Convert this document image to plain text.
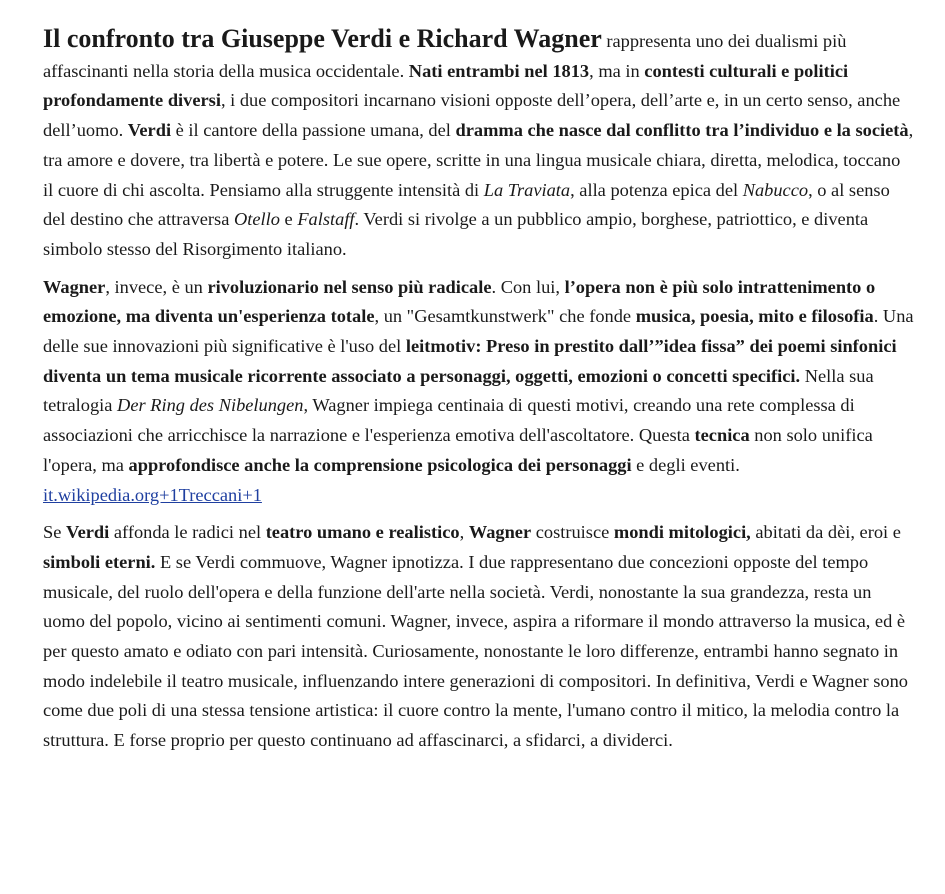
Il confronto tra Giuseppe Verdi e Richard Wagner rappresenta uno dei dualismi più affascinanti nella storia della musica occidentale. Nati entrambi nel 1813, ma in contesti culturali e politici profondamente diversi, i due compositori incarnano visioni opposte dell’opera, dell’arte e, in un certo senso, anche dell’uomo. Verdi è il cantore della passione umana, del dramma che nasce dal conflitto tra l’individuo e la società, tra amore e dovere, tra libertà e potere. Le sue opere, scritte in una lingua musicale chiara, diretta, melodica, toccano il cuore di chi ascolta. Pensiamo alla struggente intensità di La Traviata, alla potenza epica del Nabucco, o al senso del destino che attraversa Otello e Falstaff. Verdi si rivolge a un pubblico ampio, borghese, patriottico, e diventa simbolo stesso del Risorgimento italiano.

Wagner, invece, è un rivoluzionario nel senso più radicale. Con lui, l’opera non è più solo intrattenimento o emozione, ma diventa un'esperienza totale, un "Gesamtkunstwerk" che fonde musica, poesia, mito e filosofia. Una delle sue innovazioni più significative è l'uso del leitmotiv: Preso in prestito dall’”idea fissa” dei poemi sinfonici diventa un tema musicale ricorrente associato a personaggi, oggetti, emozioni o concetti specifici. Nella sua tetralogia Der Ring des Nibelungen, Wagner impiega centinaia di questi motivi, creando una rete complessa di associazioni che arricchisce la narrazione e l'esperienza emotiva dell'ascoltatore. Questa tecnica non solo unifica l'opera, ma approfondisce anche la comprensione psicologica dei personaggi e degli eventi. it.wikipedia.org+1Treccani+1

Se Verdi affonda le radici nel teatro umano e realistico, Wagner costruisce mondi mitologici, abitati da dèi, eroi e simboli eterni. E se Verdi commuove, Wagner ipnotizza. I due rappresentano due concezioni opposte del tempo musicale, del ruolo dell'opera e della funzione dell'arte nella società. Verdi, nonostante la sua grandezza, resta un uomo del popolo, vicino ai sentimenti comuni. Wagner, invece, aspira a riformare il mondo attraverso la musica, ed è per questo amato e odiato con pari intensità. Curiosamente, nonostante le loro differenze, entrambi hanno segnato in modo indelebile il teatro musicale, influenzando intere generazioni di compositori. In definitiva, Verdi e Wagner sono come due poli di una stessa tensione artistica: il cuore contro la mente, l'umano contro il mitico, la melodia contro la struttura. E forse proprio per questo continuano ad affascinarci, a sfidarci, a dividerci.
